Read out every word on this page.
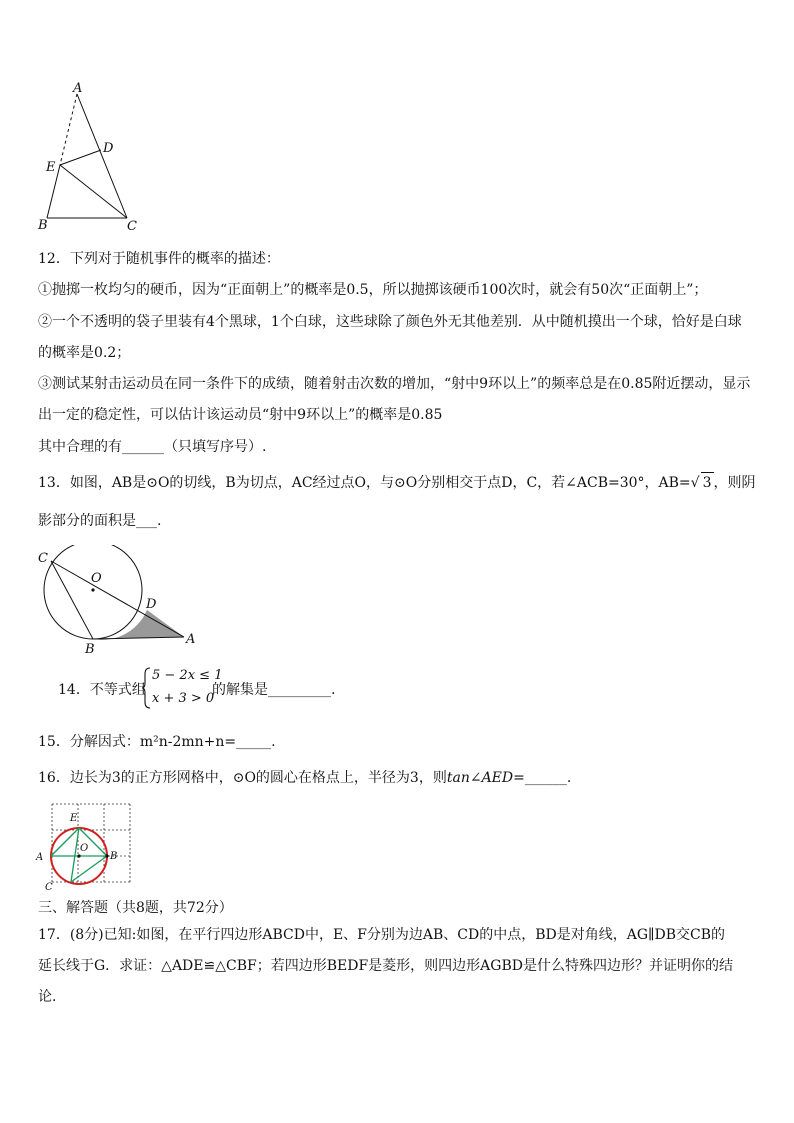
A
D
E
B	C
12．下列对于随机事件的概率的描述：
①抛掷一枚均匀的硬币，因为“正面朝上”的概率是0.5，所以抛掷该硬币100次时，就会有50次“正面朝上”；
②一个不透明的袋子里装有4个黑球，1个白球，这些球除了颜色外无其他差别．从中随机摸出一个球，恰好是白球
的概率是0.2；
③测试某射击运动员在同一条件下的成绩，随着射击次数的增加，“射中9环以上”的频率总是在0.85附近摆动，显示
出一定的稳定性，可以估计该运动员“射中9环以上”的概率是0.85
其中合理的有______（只填写序号）.
13．如图，AB是⊙O的切线，B为切点，AC经过点O，与⊙O分别相交于点D，C，若∠ACB=30°，AB=√ 3 ，则阴
影部分的面积是___.
C
O
D
B
A
14．不等式组
5 − 2x ≤ 1
x + 3 > 0
的解集是_________.
15．分解因式：m²n-2mn+n=_____.
16．边长为3的正方形网格中，⊙O的圆心在格点上，半径为3，则tan∠AED=______.
E
O
A	B
C
三、解答题（共8题，共72分）
17．(8分)已知:如图，在平行四边形ABCD中，E、F分别为边AB、CD的中点，BD是对角线，AG∥DB交CB的
延长线于G．求证：△ADE≌△CBF；若四边形BEDF是菱形，则四边形AGBD是什么特殊四边形？并证明你的结
论．
